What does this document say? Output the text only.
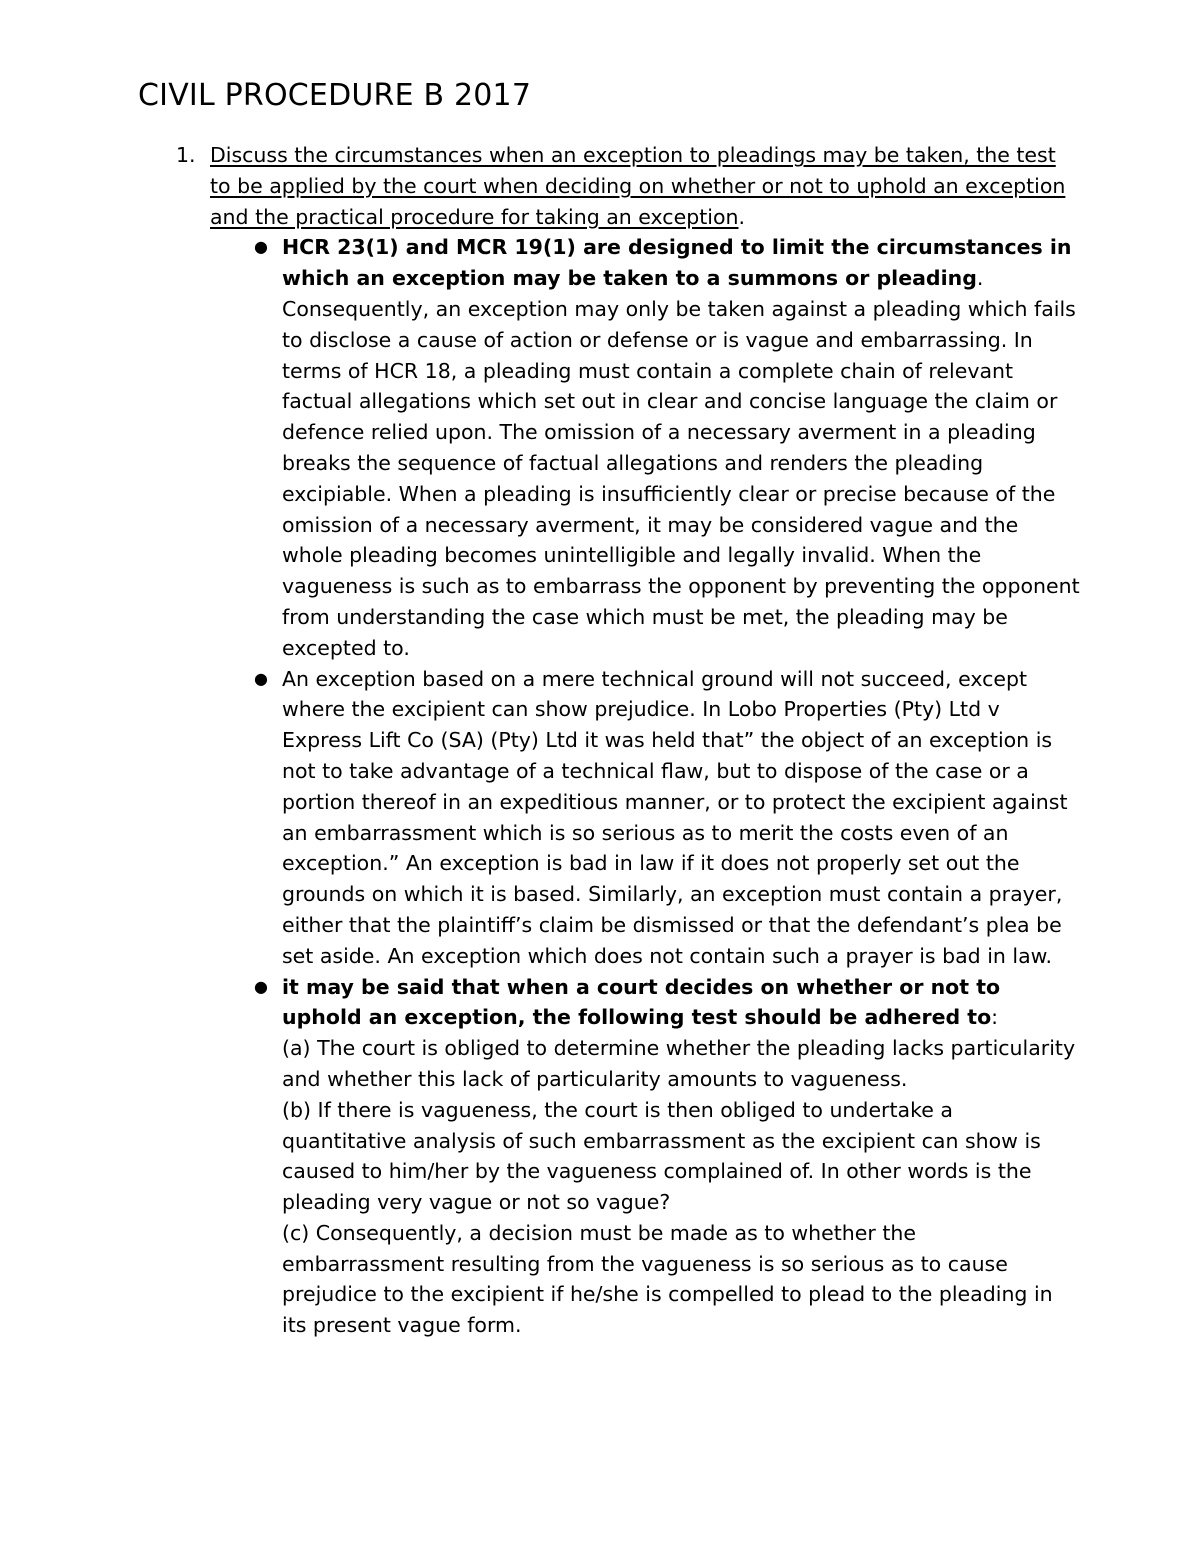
CIVIL PROCEDURE B 2017
1. Discuss the circumstances when an exception to pleadings may be taken, the test to be applied by the court when deciding on whether or not to uphold an exception and the practical procedure for taking an exception.
● HCR 23(1) and MCR 19(1) are designed to limit the circumstances in which an exception may be taken to a summons or pleading. Consequently, an exception may only be taken against a pleading which fails to disclose a cause of action or defense or is vague and embarrassing. In terms of HCR 18, a pleading must contain a complete chain of relevant factual allegations which set out in clear and concise language the claim or defence relied upon. The omission of a necessary averment in a pleading breaks the sequence of factual allegations and renders the pleading excipiable. When a pleading is insufficiently clear or precise because of the omission of a necessary averment, it may be considered vague and the whole pleading becomes unintelligible and legally invalid. When the vagueness is such as to embarrass the opponent by preventing the opponent from understanding the case which must be met, the pleading may be excepted to.
● An exception based on a mere technical ground will not succeed, except where the excipient can show prejudice. In Lobo Properties (Pty) Ltd v Express Lift Co (SA) (Pty) Ltd it was held that” the object of an exception is not to take advantage of a technical flaw, but to dispose of the case or a portion thereof in an expeditious manner, or to protect the excipient against an embarrassment which is so serious as to merit the costs even of an exception.” An exception is bad in law if it does not properly set out the grounds on which it is based. Similarly, an exception must contain a prayer, either that the plaintiff’s claim be dismissed or that the defendant’s plea be set aside. An exception which does not contain such a prayer is bad in law.
● it may be said that when a court decides on whether or not to uphold an exception, the following test should be adhered to:
(a) The court is obliged to determine whether the pleading lacks particularity and whether this lack of particularity amounts to vagueness.
(b) If there is vagueness, the court is then obliged to undertake a quantitative analysis of such embarrassment as the excipient can show is caused to him/her by the vagueness complained of. In other words is the pleading very vague or not so vague?
(c) Consequently, a decision must be made as to whether the embarrassment resulting from the vagueness is so serious as to cause prejudice to the excipient if he/she is compelled to plead to the pleading in its present vague form.
